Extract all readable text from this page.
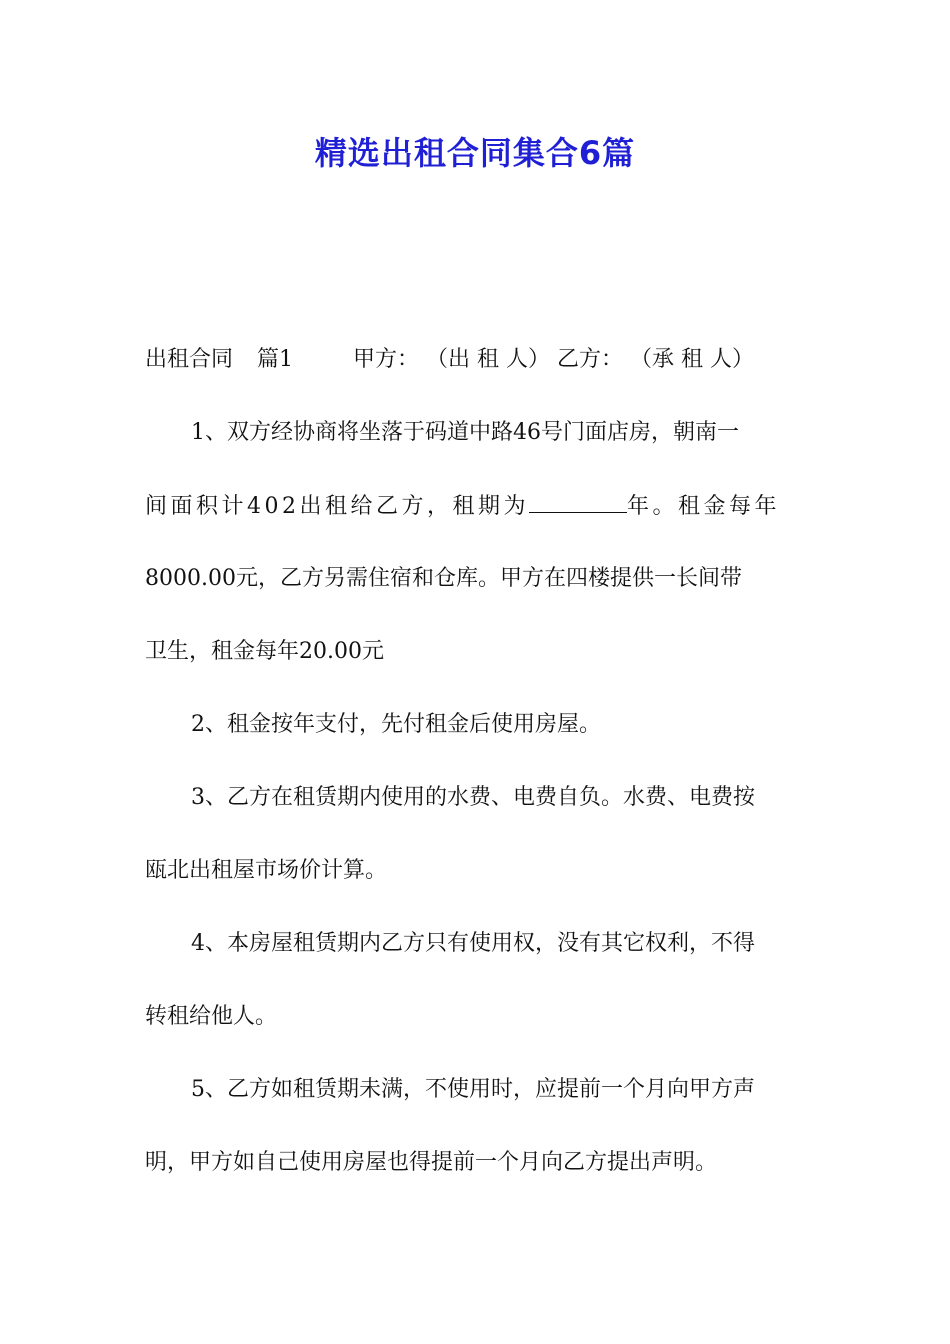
精选出租合同集合6篇
出租合同 篇1	甲方： （出 租 人） 乙方： （承 租 人）
1、双方经协商将坐落于码道中路46号门面店房，朝南一
间面积计402出租给乙方，租期为	年。租金每年
8000.00元，乙方另需住宿和仓库。甲方在四楼提供一长间带
卫生，租金每年20.00元
2、租金按年支付，先付租金后使用房屋。
3、乙方在租赁期内使用的水费、电费自负。水费、电费按
瓯北出租屋市场价计算。
4、本房屋租赁期内乙方只有使用权，没有其它权利，不得
转租给他人。
5、乙方如租赁期未满，不使用时，应提前一个月向甲方声
明，甲方如自己使用房屋也得提前一个月向乙方提出声明。
